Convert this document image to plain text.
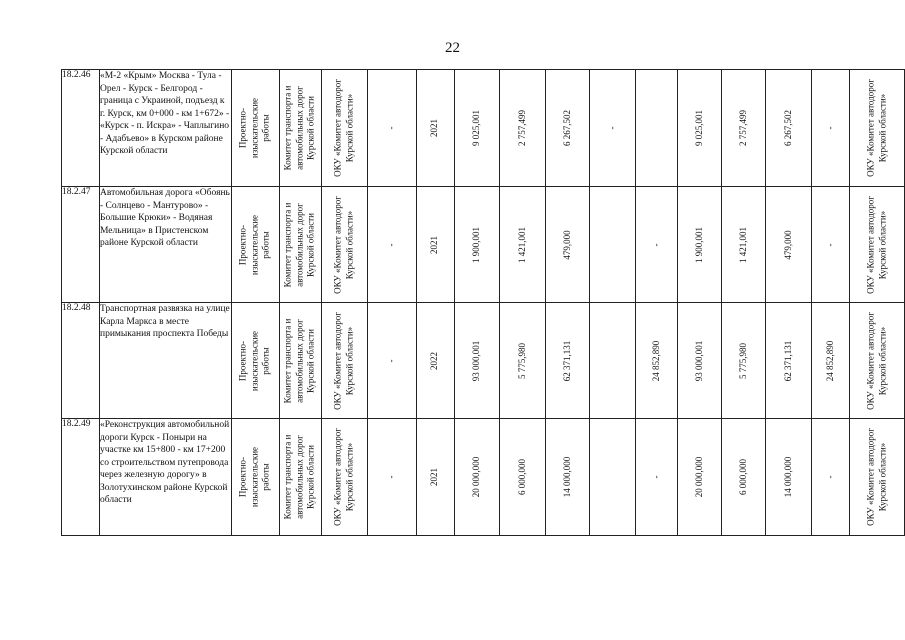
22
18.2.46	«М-2 «Крым» Москва - Тула - Орел - Курск - Белгород - граница с Украиной, подъезд к г. Курск, км 0+000 - км 1+672» - «Курск - п. Искра» - Чаплыгино - Адабъево» в Курском районе Курской области	Проектно-изыскательские работы	Комитет транспорта и автомобильных дорог Курской области	ОКУ «Комитет автодорог Курской области»	-	2021	9 025,001	2 757,499	6 267,502	-		9 025,001	2 757,499	6 267,502	-	ОКУ «Комитет автодорог Курской области»

18.2.47	Автомобильная дорога «Обоянь - Солнцево - Мантурово» - Большие Крюки» - Водяная Мельница» в Пристенском районе Курской области	Проектно-изыскательские работы	Комитет транспорта и автомобильных дорог Курской области	ОКУ «Комитет автодорог Курской области»	-	2021	1 900,001	1 421,001	479,000		-	1 900,001	1 421,001	479,000	-	ОКУ «Комитет автодорог Курской области»

18.2.48	Транспортная развязка на улице Карла Маркса в месте примыкания проспекта Победы	Проектно-изыскательские работы	Комитет транспорта и автомобильных дорог Курской области	ОКУ «Комитет автодорог Курской области»	-	2022	93 000,001	5 775,980	62 371,131		24 852,890	93 000,001	5 775,980	62 371,131	24 852,890	ОКУ «Комитет автодорог Курской области»

18.2.49	«Реконструкция автомобильной дороги Курск - Поныри на участке км 15+800 - км 17+200 со строительством путепровода через железную дорогу» в Золотухинском районе Курской области	Проектно-изыскательские работы	Комитет транспорта и автомобильных дорог Курской области	ОКУ «Комитет автодорог Курской области»	-	2021	20 000,000	6 000,000	14 000,000		-	20 000,000	6 000,000	14 000,000	-	ОКУ «Комитет автодорог Курской области»
